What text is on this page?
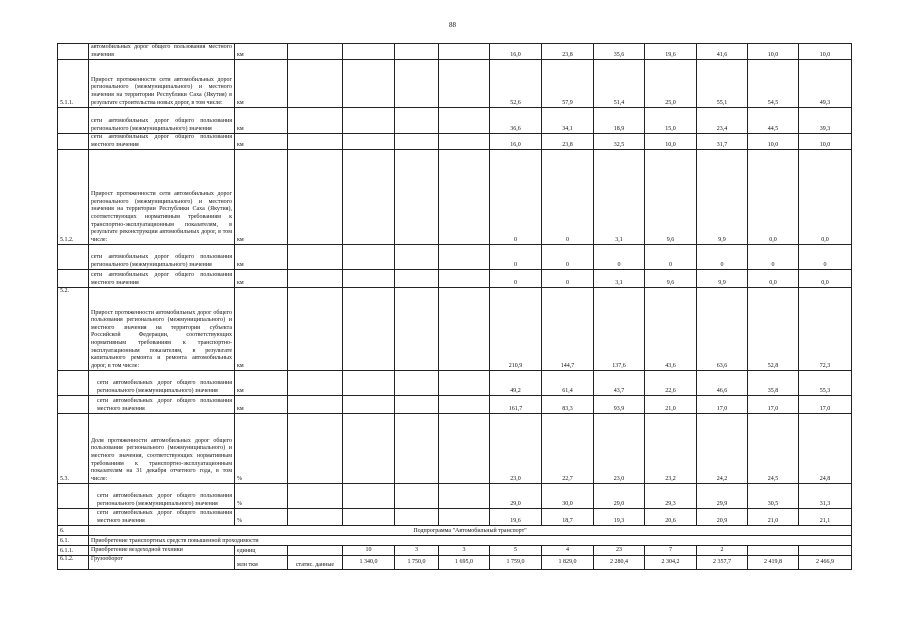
88
	автомобильных дорог общего пользования местного значения	км					16,0	23,8	35,6	19,6	41,6	10,0	10,0
5.1.1.	Прирост протяженности сети автомобильных дорог регионального (межмуниципального) и местного значения на территории Республики Саха (Якутия) в результате строительства новых дорог, в том числе:	км					52,6	57,9	51,4	25,0	55,1	54,5	49,3
	сети автомобильных дорог общего пользования регионального (межмуниципального) значения	км					36,6	34,1	18,9	15,0	23,4	44,5	39,3
	сети автомобильных дорог общего пользования местного значения	км					16,0	23,8	32,5	10,0	31,7	10,0	10,0
5.1.2.	Прирост протяженности сети автомобильных дорог регионального (межмуниципального) и местного значения на территории Республики Саха (Якутия), соответствующих нормативным требованиям к транспортно-эксплуатационным показателям, в результате реконструкции автомобильных дорог, в том числе:	км					0	0	3,1	9,6	9,9	0,0	0,0
	сети автомобильных дорог общего пользования регионального (межмуниципального) значения	км					0	0	0	0	0	0	0
	сети автомобильных дорог общего пользования местного значения	км					0	0	3,1	9,6	9,9	0,0	0,0
5.2.	Прирост протяженности автомобильных дорог общего пользования регионального (межмуниципального) и местного значения на территории субъекта Российской Федерации, соответствующих нормативным требованиям к транспортно-эксплуатационным показателям, в результате капитального ремонта и ремонта автомобильных дорог, в том числе:	км					210,9	144,7	137,6	43,6	63,6	52,8	72,3
	сети автомобильных дорог общего пользования регионального (межмуниципального) значения	км					49,2	61,4	43,7	22,6	46,6	35,8	55,3
	сети автомобильных дорог общего пользования местного значения	км					161,7	83,3	93,9	21,0	17,0	17,0	17,0
5.3.	Доля протяженности автомобильных дорог общего пользования регионального (межмуниципального) и местного значения, соответствующих нормативным требованиям к транспортно-эксплуатационным показателям на 31 декабря отчетного года, в том числе:	%					23,0	22,7	23,0	23,2	24,2	24,5	24,8
	сети автомобильных дорог общего пользования регионального (межмуниципального) значения	%					29,0	30,0	29,0	29,3	29,9	30,5	31,3
	сети автомобильных дорог общего пользования местного значения	%					19,6	18,7	19,3	20,6	20,9	21,0	21,1
6.	Подпрограмма "Автомобильный транспорт"												
6.1.	Приобретение транспортных средств повышенной проходимости												
6.1.1.	Приобретение вездеходной техники	единиц		10	3	3	5	4	23	7	2		
6.1.2.	Грузооборот	млн ткм	статис. данные	1 340,0	1 750,0	1 695,0	1 759,0	1 829,0	2 280,4	2 304,2	2 357,7	2 419,8	2 466,9
